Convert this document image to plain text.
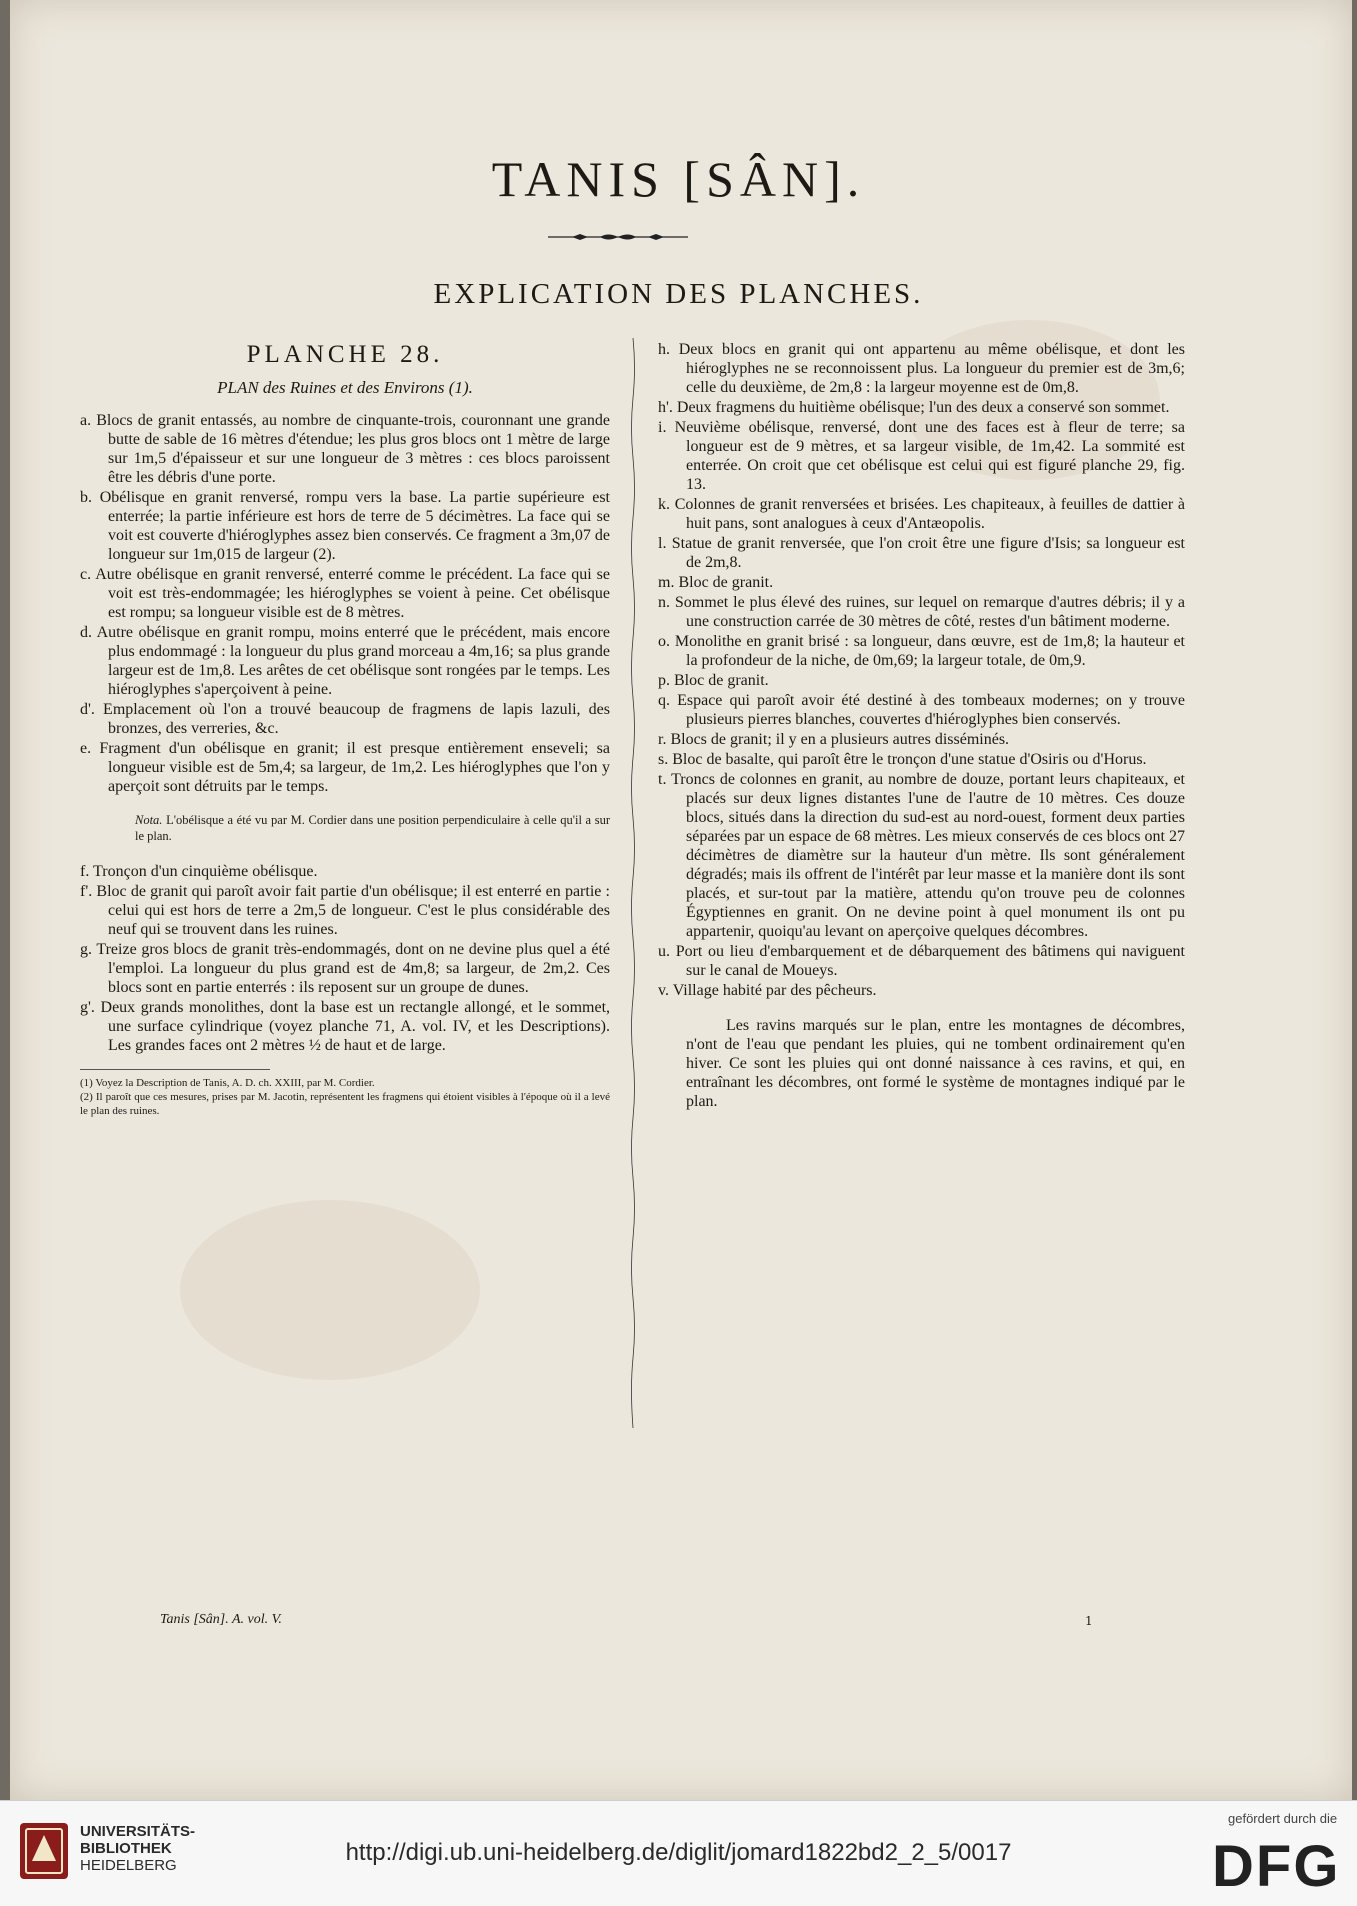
TANIS [SÂN].
EXPLICATION DES PLANCHES.
PLANCHE 28.
PLAN des Ruines et des Environs (1).

a. Blocs de granit entassés, au nombre de cinquante-trois, couronnant une grande butte de sable de 16 mètres d'étendue; les plus gros blocs ont 1 mètre de large sur 1m,5 d'épaisseur et sur une longueur de 3 mètres : ces blocs paroissent être les débris d'une porte.

b. Obélisque en granit renversé, rompu vers la base. La partie supérieure est enterrée; la partie inférieure est hors de terre de 5 décimètres. La face qui se voit est couverte d'hiéroglyphes assez bien conservés. Ce fragment a 3m,07 de longueur sur 1m,015 de largeur (2).

c. Autre obélisque en granit renversé, enterré comme le précédent. La face qui se voit est très-endommagée; les hiéroglyphes se voient à peine. Cet obélisque est rompu; sa longueur visible est de 8 mètres.

d. Autre obélisque en granit rompu, moins enterré que le précédent, mais encore plus endommagé : la longueur du plus grand morceau a 4m,16; sa plus grande largeur est de 1m,8. Les arêtes de cet obélisque sont rongées par le temps. Les hiéroglyphes s'aperçoivent à peine.

d'. Emplacement où l'on a trouvé beaucoup de fragmens de lapis lazuli, des bronzes, des verreries, &c.

e. Fragment d'un obélisque en granit; il est presque entièrement enseveli; sa longueur visible est de 5m,4; sa largeur, de 1m,2. Les hiéroglyphes que l'on y aperçoit sont détruits par le temps.

Nota. L'obélisque a été vu par M. Cordier dans une position perpendiculaire à celle qu'il a sur le plan.

f. Tronçon d'un cinquième obélisque.

f'. Bloc de granit qui paroît avoir fait partie d'un obélisque; il est enterré en partie : celui qui est hors de terre a 2m,5 de longueur. C'est le plus considérable des neuf qui se trouvent dans les ruines.

g. Treize gros blocs de granit très-endommagés, dont on ne devine plus quel a été l'emploi. La longueur du plus grand est de 4m,8; sa largeur, de 2m,2. Ces blocs sont en partie enterrés : ils reposent sur un groupe de dunes.

g'. Deux grands monolithes, dont la base est un rectangle allongé, et le sommet, une surface cylindrique (voyez planche 71, A. vol. IV, et les Descriptions). Les grandes faces ont 2 mètres ½ de haut et de large.

(1) Voyez la Description de Tanis, A. D. ch. XXIII, par M. Cordier.

(2) Il paroît que ces mesures, prises par M. Jacotin, représentent les fragmens qui étoient visibles à l'époque où il a levé le plan des ruines.

h. Deux blocs en granit qui ont appartenu au même obélisque, et dont les hiéroglyphes ne se reconnoissent plus. La longueur du premier est de 3m,6; celle du deuxième, de 2m,8 : la largeur moyenne est de 0m,8.

h'. Deux fragmens du huitième obélisque; l'un des deux a conservé son sommet.

i. Neuvième obélisque, renversé, dont une des faces est à fleur de terre; sa longueur est de 9 mètres, et sa largeur visible, de 1m,42. La sommité est enterrée. On croit que cet obélisque est celui qui est figuré planche 29, fig. 13.

k. Colonnes de granit renversées et brisées. Les chapiteaux, à feuilles de dattier à huit pans, sont analogues à ceux d'Antæopolis.

l. Statue de granit renversée, que l'on croit être une figure d'Isis; sa longueur est de 2m,8.

m. Bloc de granit.

n. Sommet le plus élevé des ruines, sur lequel on remarque d'autres débris; il y a une construction carrée de 30 mètres de côté, restes d'un bâtiment moderne.

o. Monolithe en granit brisé : sa longueur, dans œuvre, est de 1m,8; la hauteur et la profondeur de la niche, de 0m,69; la largeur totale, de 0m,9.

p. Bloc de granit.

q. Espace qui paroît avoir été destiné à des tombeaux modernes; on y trouve plusieurs pierres blanches, couvertes d'hiéroglyphes bien conservés.

r. Blocs de granit; il y en a plusieurs autres disséminés.

s. Bloc de basalte, qui paroît être le tronçon d'une statue d'Osiris ou d'Horus.

t. Troncs de colonnes en granit, au nombre de douze, portant leurs chapiteaux, et placés sur deux lignes distantes l'une de l'autre de 10 mètres. Ces douze blocs, situés dans la direction du sud-est au nord-ouest, forment deux parties séparées par un espace de 68 mètres. Les mieux conservés de ces blocs ont 27 décimètres de diamètre sur la hauteur d'un mètre. Ils sont généralement dégradés; mais ils offrent de l'intérêt par leur masse et la manière dont ils sont placés, et sur-tout par la matière, attendu qu'on trouve peu de colonnes Égyptiennes en granit. On ne devine point à quel monument ils ont pu appartenir, quoiqu'au levant on aperçoive quelques décombres.

u. Port ou lieu d'embarquement et de débarquement des bâtimens qui naviguent sur le canal de Moueys.

v. Village habité par des pêcheurs.

Les ravins marqués sur le plan, entre les montagnes de décombres, n'ont de l'eau que pendant les pluies, qui ne tombent ordinairement qu'en hiver. Ce sont les pluies qui ont donné naissance à ces ravins, et qui, en entraînant les décombres, ont formé le système de montagnes indiqué par le plan.

Tanis [Sân]. A. vol. V.	1
UNIVERSITÄTS-
BIBLIOTHEK
HEIDELBERG	http://digi.ub.uni-heidelberg.de/diglit/jomard1822bd2_2_5/0017
gefördert durch die
DFG
